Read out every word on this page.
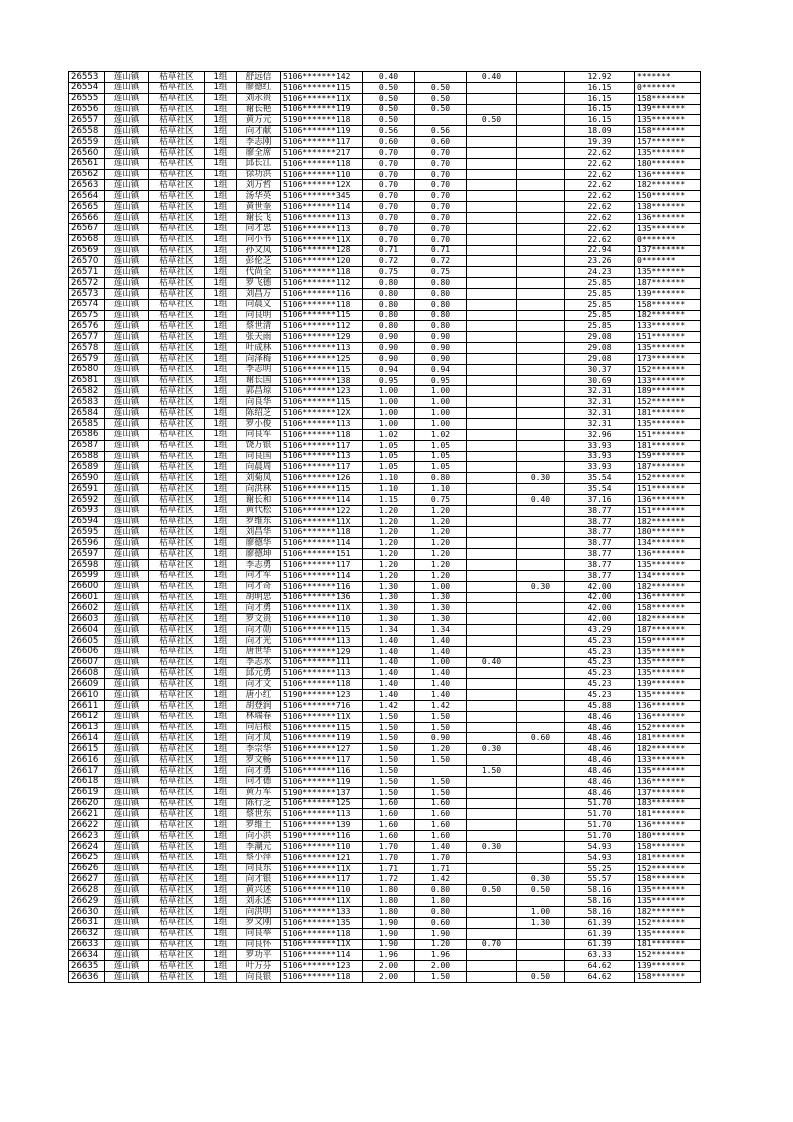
26553	莲山镇	枯草社区	1组	舒远信	5106*******142	0.40		0.40		12.92	*******
26554	莲山镇	枯草社区	1组	廖德红	5106*******115	0.50	0.50			16.15	0*******
26555	莲山镇	枯草社区	1组	刘永贵	5106*******11X	0.50	0.50			16.15	158*******
26556	莲山镇	枯草社区	1组	谢长艳	5106*******119	0.50	0.50			16.15	139*******
26557	莲山镇	枯草社区	1组	黄万元	5190*******118	0.50		0.50		16.15	135*******
26558	莲山镇	枯草社区	1组	向才献	5106*******119	0.56	0.56			18.09	158*******
26559	莲山镇	枯草社区	1组	李志刚	5106*******117	0.60	0.60			19.39	157*******
26560	莲山镇	枯草社区	1组	廖全席	5106*******217	0.70	0.70			22.62	135*******
26561	莲山镇	枯草社区	1组	邱长江	5106*******118	0.70	0.70			22.62	180*******
26562	莲山镇	枯草社区	1组	徐功洪	5106*******110	0.70	0.70			22.62	136*******
26563	莲山镇	枯草社区	1组	刘万哲	5106*******12X	0.70	0.70			22.62	182*******
26564	莲山镇	枯草社区	1组	汤华英	5106*******345	0.70	0.70			22.62	150*******
26565	莲山镇	枯草社区	1组	黄世奎	5106*******114	0.70	0.70			22.62	138*******
26566	莲山镇	枯草社区	1组	谢长飞	5106*******113	0.70	0.70			22.62	136*******
26567	莲山镇	枯草社区	1组	向才忠	5106*******113	0.70	0.70			22.62	135*******
26568	莲山镇	枯草社区	1组	向小书	5106*******11X	0.70	0.70			22.62	0*******
26569	莲山镇	枯草社区	1组	孙文凤	5106*******128	0.71	0.71			22.94	137*******
26570	莲山镇	枯草社区	1组	彭伦芝	5106*******120	0.72	0.72			23.26	0*******
26571	莲山镇	枯草社区	1组	代尚全	5106*******118	0.75	0.75			24.23	135*******
26572	莲山镇	枯草社区	1组	罗飞德	5106*******112	0.80	0.80			25.85	187*******
26573	莲山镇	枯草社区	1组	刘昌万	5106*******116	0.80	0.80			25.85	139*******
26574	莲山镇	枯草社区	1组	向晨义	5106*******118	0.80	0.80			25.85	158*******
26575	莲山镇	枯草社区	1组	向良明	5106*******115	0.80	0.80			25.85	182*******
26576	莲山镇	枯草社区	1组	蔡世清	5106*******112	0.80	0.80			25.85	133*******
26577	莲山镇	枯草社区	1组	张天雨	5106*******129	0.90	0.90			29.08	151*******
26578	莲山镇	枯草社区	1组	叶成林	5106*******113	0.90	0.90			29.08	135*******
26579	莲山镇	枯草社区	1组	向泽梅	5106*******125	0.90	0.90			29.08	173*******
26580	莲山镇	枯草社区	1组	李志明	5106*******115	0.94	0.94			30.37	152*******
26581	莲山镇	枯草社区	1组	谢长国	5106*******138	0.95	0.95			30.69	133*******
26582	莲山镇	枯草社区	1组	郭昌琼	5106*******123	1.00	1.00			32.31	189*******
26583	莲山镇	枯草社区	1组	向良华	5106*******115	1.00	1.00			32.31	152*******
26584	莲山镇	枯草社区	1组	陈绍芝	5106*******12X	1.00	1.00			32.31	181*******
26585	莲山镇	枯草社区	1组	罗小俊	5106*******113	1.00	1.00			32.31	135*******
26586	莲山镇	枯草社区	1组	向良军	5106*******118	1.02	1.02			32.96	151*******
26587	莲山镇	枯草社区	1组	饶万银	5106*******117	1.05	1.05			33.93	181*******
26588	莲山镇	枯草社区	1组	向良国	5106*******113	1.05	1.05			33.93	159*******
26589	莲山镇	枯草社区	1组	向晨周	5106*******117	1.05	1.05			33.93	187*******
26590	莲山镇	枯草社区	1组	刘菊凤	5106*******126	1.10	0.80		0.30	35.54	152*******
26591	莲山镇	枯草社区	1组	向洪林	5106*******115	1.10	1.10			35.54	151*******
26592	莲山镇	枯草社区	1组	谢长和	5106*******114	1.15	0.75		0.40	37.16	136*******
26593	莲山镇	枯草社区	1组	黄代松	5106*******122	1.20	1.20			38.77	151*******
26594	莲山镇	枯草社区	1组	罗维东	5106*******11X	1.20	1.20			38.77	182*******
26595	莲山镇	枯草社区	1组	刘昌华	5106*******118	1.20	1.20			38.77	180*******
26596	莲山镇	枯草社区	1组	廖德华	5106*******114	1.20	1.20			38.77	134*******
26597	莲山镇	枯草社区	1组	廖德坤	5106*******151	1.20	1.20			38.77	136*******
26598	莲山镇	枯草社区	1组	李志勇	5106*******117	1.20	1.20			38.77	135*******
26599	莲山镇	枯草社区	1组	向才军	5106*******114	1.20	1.20			38.77	134*******
26600	莲山镇	枯草社区	1组	向才奇	5106*******116	1.30	1.00		0.30	42.00	182*******
26601	莲山镇	枯草社区	1组	胡明忠	5106*******136	1.30	1.30			42.00	136*******
26602	莲山镇	枯草社区	1组	向才勇	5106*******11X	1.30	1.30			42.00	158*******
26603	莲山镇	枯草社区	1组	罗文贵	5106*******110	1.30	1.30			42.00	182*******
26604	莲山镇	枯草社区	1组	向才勋	5106*******115	1.34	1.34			43.29	187*******
26605	莲山镇	枯草社区	1组	向才光	5106*******113	1.40	1.40			45.23	159*******
26606	莲山镇	枯草社区	1组	唐世华	5106*******129	1.40	1.40			45.23	135*******
26607	莲山镇	枯草社区	1组	李志水	5106*******111	1.40	1.00	0.40		45.23	135*******
26608	莲山镇	枯草社区	1组	邱元勇	5106*******113	1.40	1.40			45.23	135*******
26609	莲山镇	枯草社区	1组	向才文	5106*******118	1.40	1.40			45.23	139*******
26610	莲山镇	枯草社区	1组	唐小红	5190*******123	1.40	1.40			45.23	135*******
26611	莲山镇	枯草社区	1组	胡登润	5106*******716	1.42	1.42			45.88	136*******
26612	莲山镇	枯草社区	1组	林瑞春	5106*******11X	1.50	1.50			48.46	136*******
26613	莲山镇	枯草社区	1组	向启根	5106*******115	1.50	1.50			48.46	152*******
26614	莲山镇	枯草社区	1组	向才凤	5106*******119	1.50	0.90		0.60	48.46	181*******
26615	莲山镇	枯草社区	1组	李宗华	5106*******127	1.50	1.20	0.30		48.46	182*******
26616	莲山镇	枯草社区	1组	罗文畅	5106*******117	1.50	1.50			48.46	133*******
26617	莲山镇	枯草社区	1组	向才勇	5106*******116	1.50		1.50		48.46	135*******
26618	莲山镇	枯草社区	1组	向才德	5106*******119	1.50	1.50			48.46	136*******
26619	莲山镇	枯草社区	1组	黄万军	5190*******137	1.50	1.50			48.46	137*******
26620	莲山镇	枯草社区	1组	陈行芝	5106*******125	1.60	1.60			51.70	183*******
26621	莲山镇	枯草社区	1组	蔡世东	5106*******113	1.60	1.60			51.70	181*******
26622	莲山镇	枯草社区	1组	罗维土	5106*******139	1.60	1.60			51.70	136*******
26623	莲山镇	枯草社区	1组	向小洪	5190*******116	1.60	1.60			51.70	180*******
26624	莲山镇	枯草社区	1组	李潮元	5106*******110	1.70	1.40	0.30		54.93	158*******
26625	莲山镇	枯草社区	1组	蔡小萍	5106*******121	1.70	1.70			54.93	181*******
26626	莲山镇	枯草社区	1组	向良东	5106*******11X	1.71	1.71			55.25	152*******
26627	莲山镇	枯草社区	1组	向才银	5106*******117	1.72	1.42		0.30	55.57	158*******
26628	莲山镇	枯草社区	1组	黄兴述	5106*******110	1.80	0.80	0.50	0.50	58.16	135*******
26629	莲山镇	枯草社区	1组	刘永述	5106*******11X	1.80	1.80			58.16	135*******
26630	莲山镇	枯草社区	1组	向洪明	5106*******133	1.80	0.80		1.00	58.16	182*******
26631	莲山镇	枯草社区	1组	罗文刚	5106*******135	1.90	0.60		1.30	61.39	152*******
26632	莲山镇	枯草社区	1组	向良举	5106*******118	1.90	1.90			61.39	135*******
26633	莲山镇	枯草社区	1组	向良怀	5106*******11X	1.90	1.20	0.70		61.39	181*******
26634	莲山镇	枯草社区	1组	罗功平	5106*******114	1.96	1.96			63.33	152*******
26635	莲山镇	枯草社区	1组	叶万芬	5106*******123	2.00	2.00			64.62	139*******
26636	莲山镇	枯草社区	1组	向良银	5106*******118	2.00	1.50		0.50	64.62	158*******
